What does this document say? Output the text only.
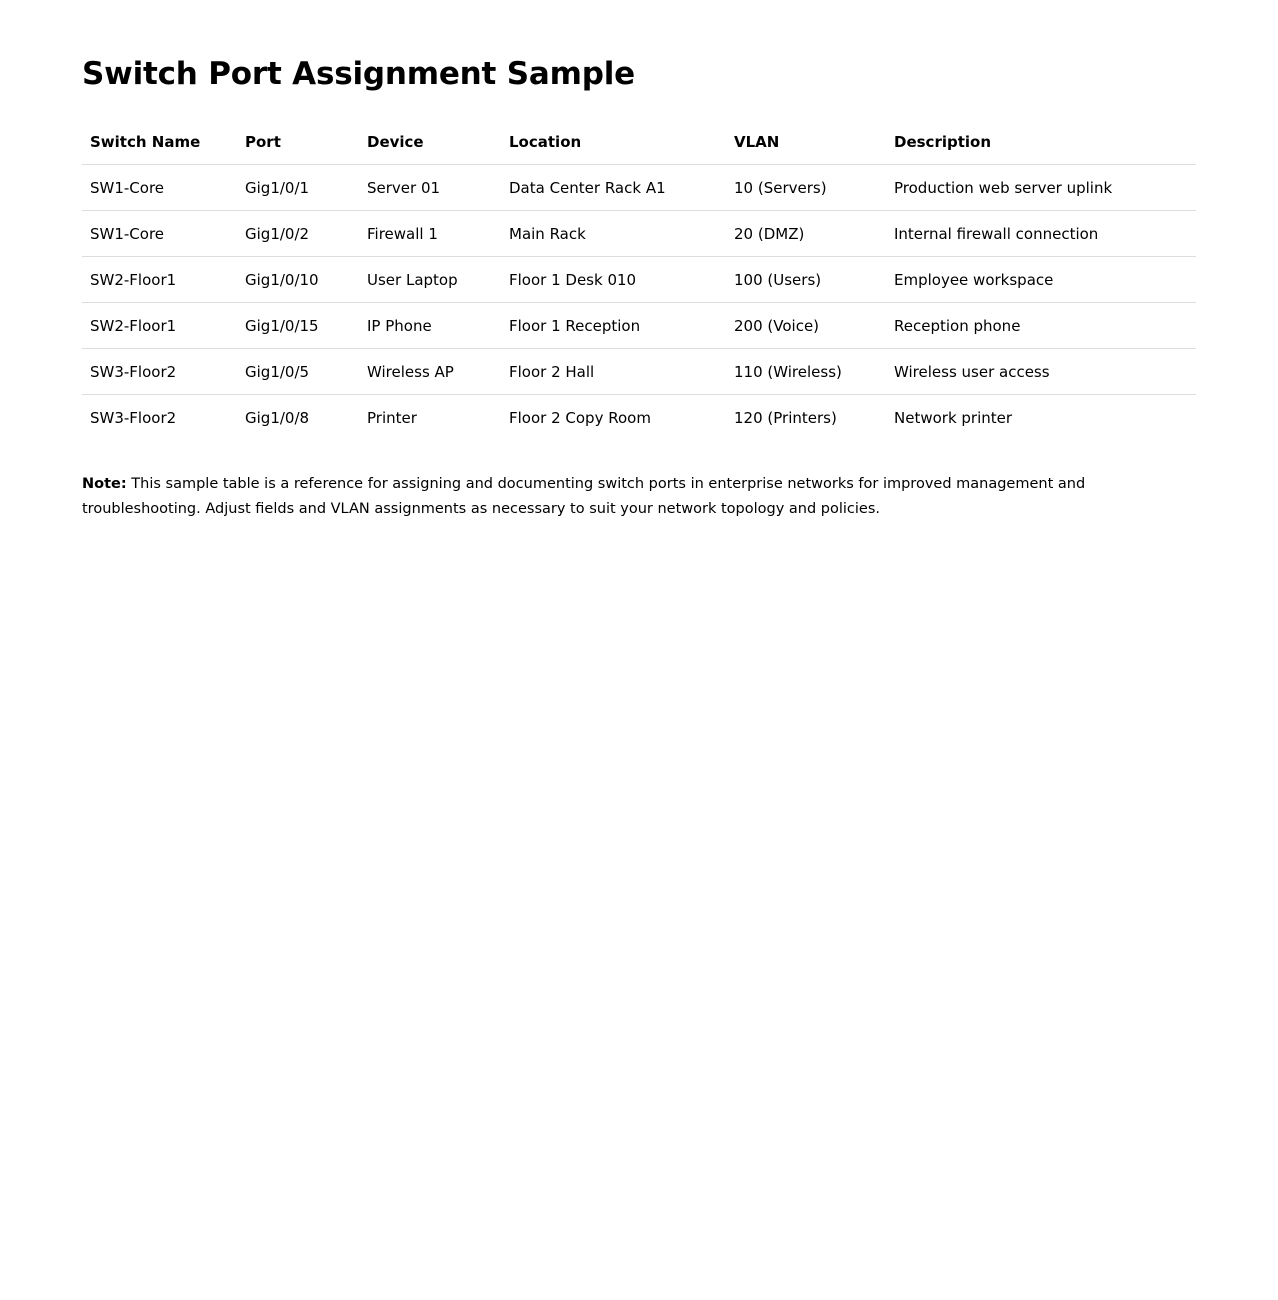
Switch Port Assignment Sample
Switch Name	Port	Device	Location	VLAN	Description
SW1-Core	Gig1/0/1	Server 01	Data Center Rack A1	10 (Servers)	Production web server uplink
SW1-Core	Gig1/0/2	Firewall 1	Main Rack	20 (DMZ)	Internal firewall connection
SW2-Floor1	Gig1/0/10	User Laptop	Floor 1 Desk 010	100 (Users)	Employee workspace
SW2-Floor1	Gig1/0/15	IP Phone	Floor 1 Reception	200 (Voice)	Reception phone
SW3-Floor2	Gig1/0/5	Wireless AP	Floor 2 Hall	110 (Wireless)	Wireless user access
SW3-Floor2	Gig1/0/8	Printer	Floor 2 Copy Room	120 (Printers)	Network printer

Note: This sample table is a reference for assigning and documenting switch ports in enterprise networks for improved management and troubleshooting. Adjust fields and VLAN assignments as necessary to suit your network topology and policies.
